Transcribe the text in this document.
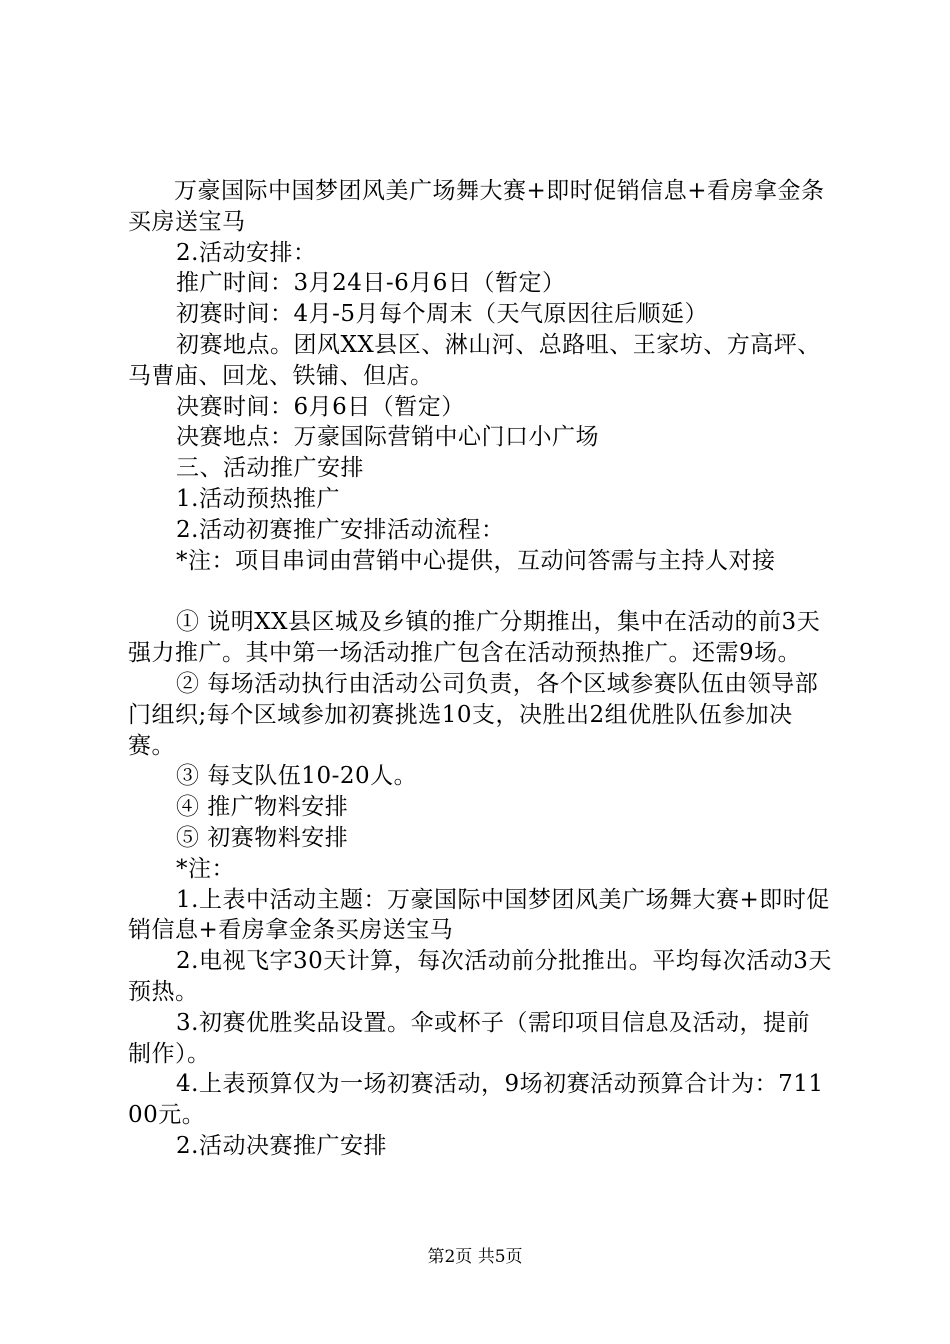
万豪国际中国梦团风美广场舞大赛+即时促销信息+看房拿金条买房送宝马

2.活动安排：

推广时间：3月24日-6月6日（暂定）

初赛时间：4月-5月每个周末（天气原因往后顺延）

初赛地点。团风XX县区、淋山河、总路咀、王家坊、方高坪、马曹庙、回龙、铁铺、但店。

决赛时间：6月6日（暂定）

决赛地点：万豪国际营销中心门口小广场

三、活动推广安排

1.活动预热推广

2.活动初赛推广安排活动流程：

*注：项目串词由营销中心提供，互动问答需与主持人对接

① 说明XX县区城及乡镇的推广分期推出，集中在活动的前3天强力推广。其中第一场活动推广包含在活动预热推广。还需9场。

② 每场活动执行由活动公司负责，各个区域参赛队伍由领导部门组织;每个区域参加初赛挑选10支，决胜出2组优胜队伍参加决赛。

③ 每支队伍10-20人。

④ 推广物料安排

⑤ 初赛物料安排

*注：

1.上表中活动主题：万豪国际中国梦团风美广场舞大赛+即时促销信息+看房拿金条买房送宝马

2.电视飞字30天计算，每次活动前分批推出。平均每次活动3天预热。

3.初赛优胜奖品设置。伞或杯子（需印项目信息及活动，提前制作）。

4.上表预算仅为一场初赛活动，9场初赛活动预算合计为：71100元。

2.活动决赛推广安排

第2页 共5页
